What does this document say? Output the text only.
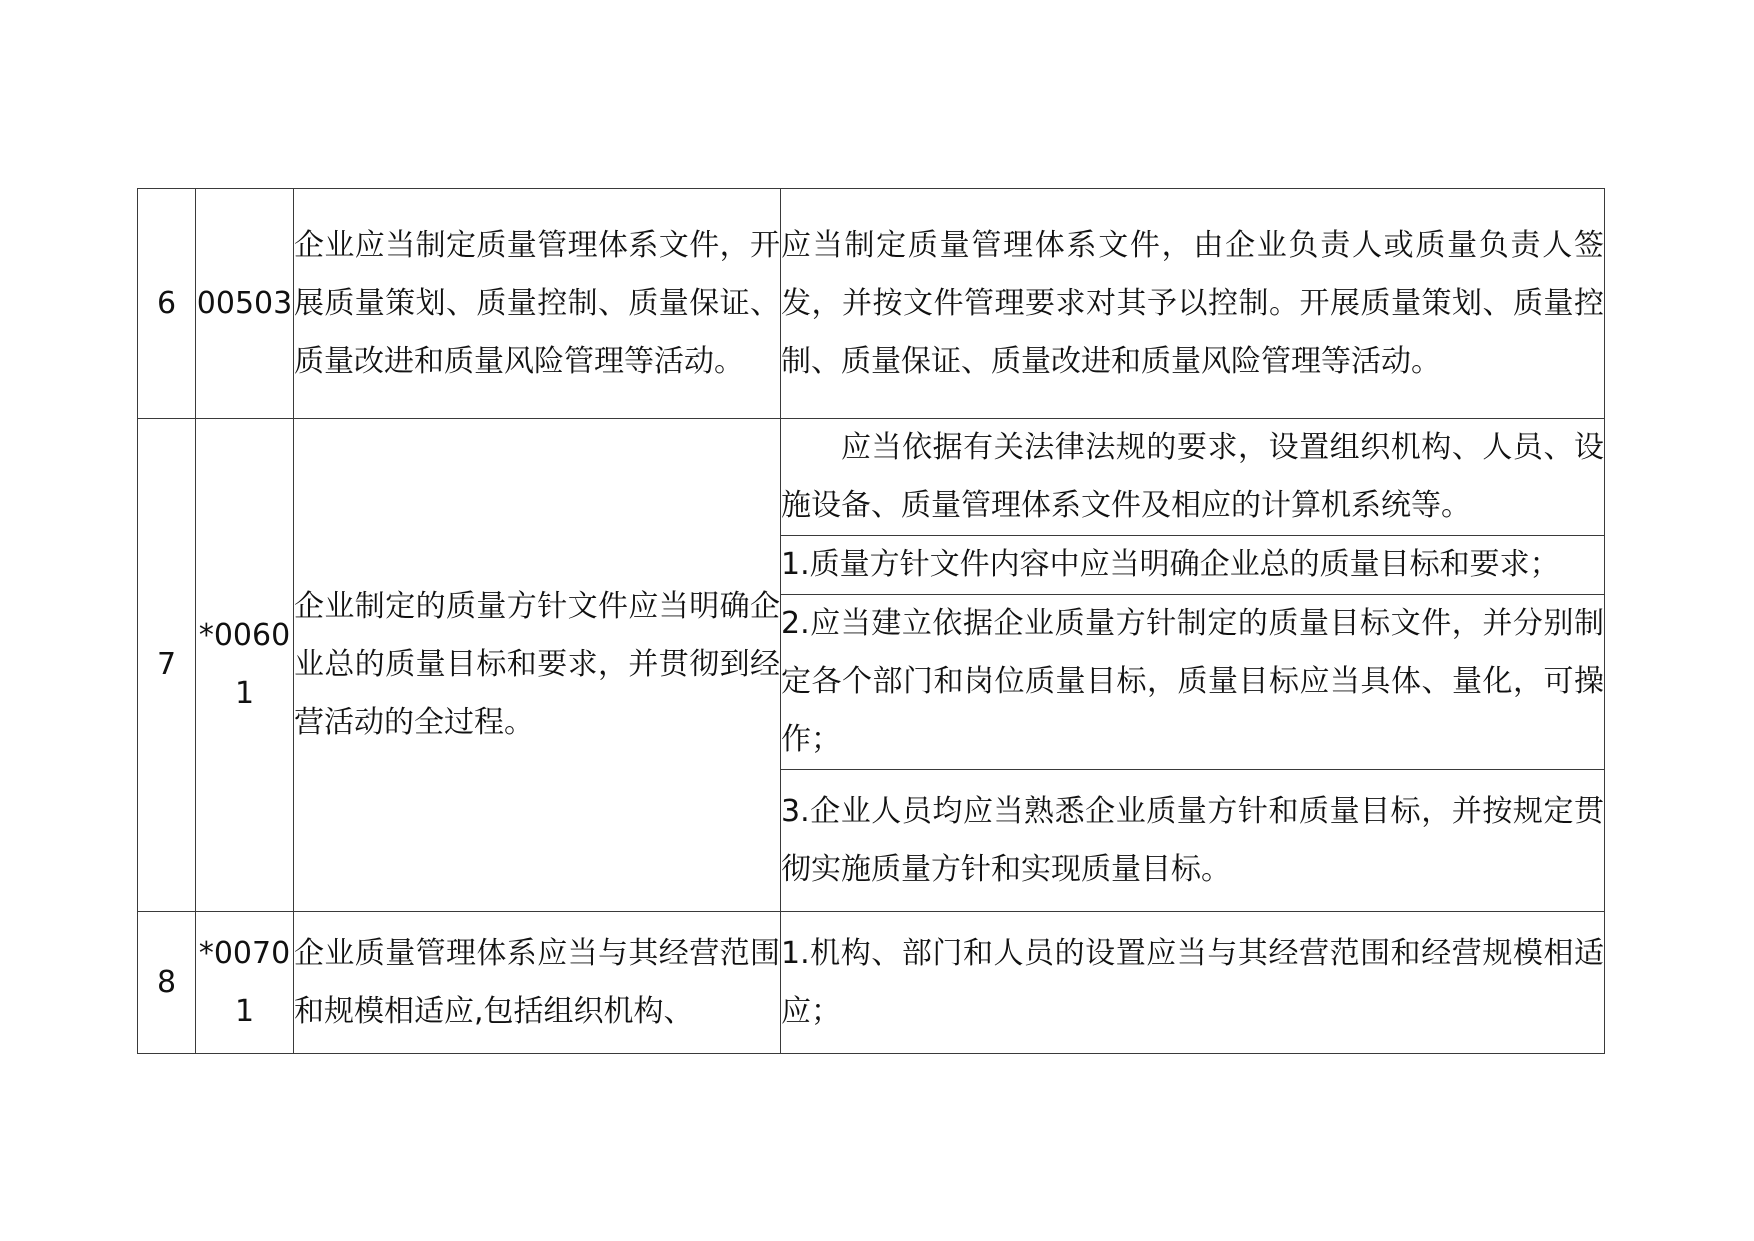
6	00503	企业应当制定质量管理体系文件，开展质量策划、质量控制、质量保证、质量改进和质量风险管理等活动。	应当制定质量管理体系文件，由企业负责人或质量负责人签发，并按文件管理要求对其予以控制。开展质量策划、质量控制、质量保证、质量改进和质量风险管理等活动。
7	*00601	企业制定的质量方针文件应当明确企业总的质量目标和要求，并贯彻到经营活动的全过程。	应当依据有关法律法规的要求，设置组织机构、人员、设施设备、质量管理体系文件及相应的计算机系统等。
			1.质量方针文件内容中应当明确企业总的质量目标和要求；
			2.应当建立依据企业质量方针制定的质量目标文件，并分别制定各个部门和岗位质量目标，质量目标应当具体、量化，可操作；
			3.企业人员均应当熟悉企业质量方针和质量目标，并按规定贯彻实施质量方针和实现质量目标。
8	*00701	企业质量管理体系应当与其经营范围和规模相适应,包括组织机构、	1.机构、部门和人员的设置应当与其经营范围和经营规模相适应；
